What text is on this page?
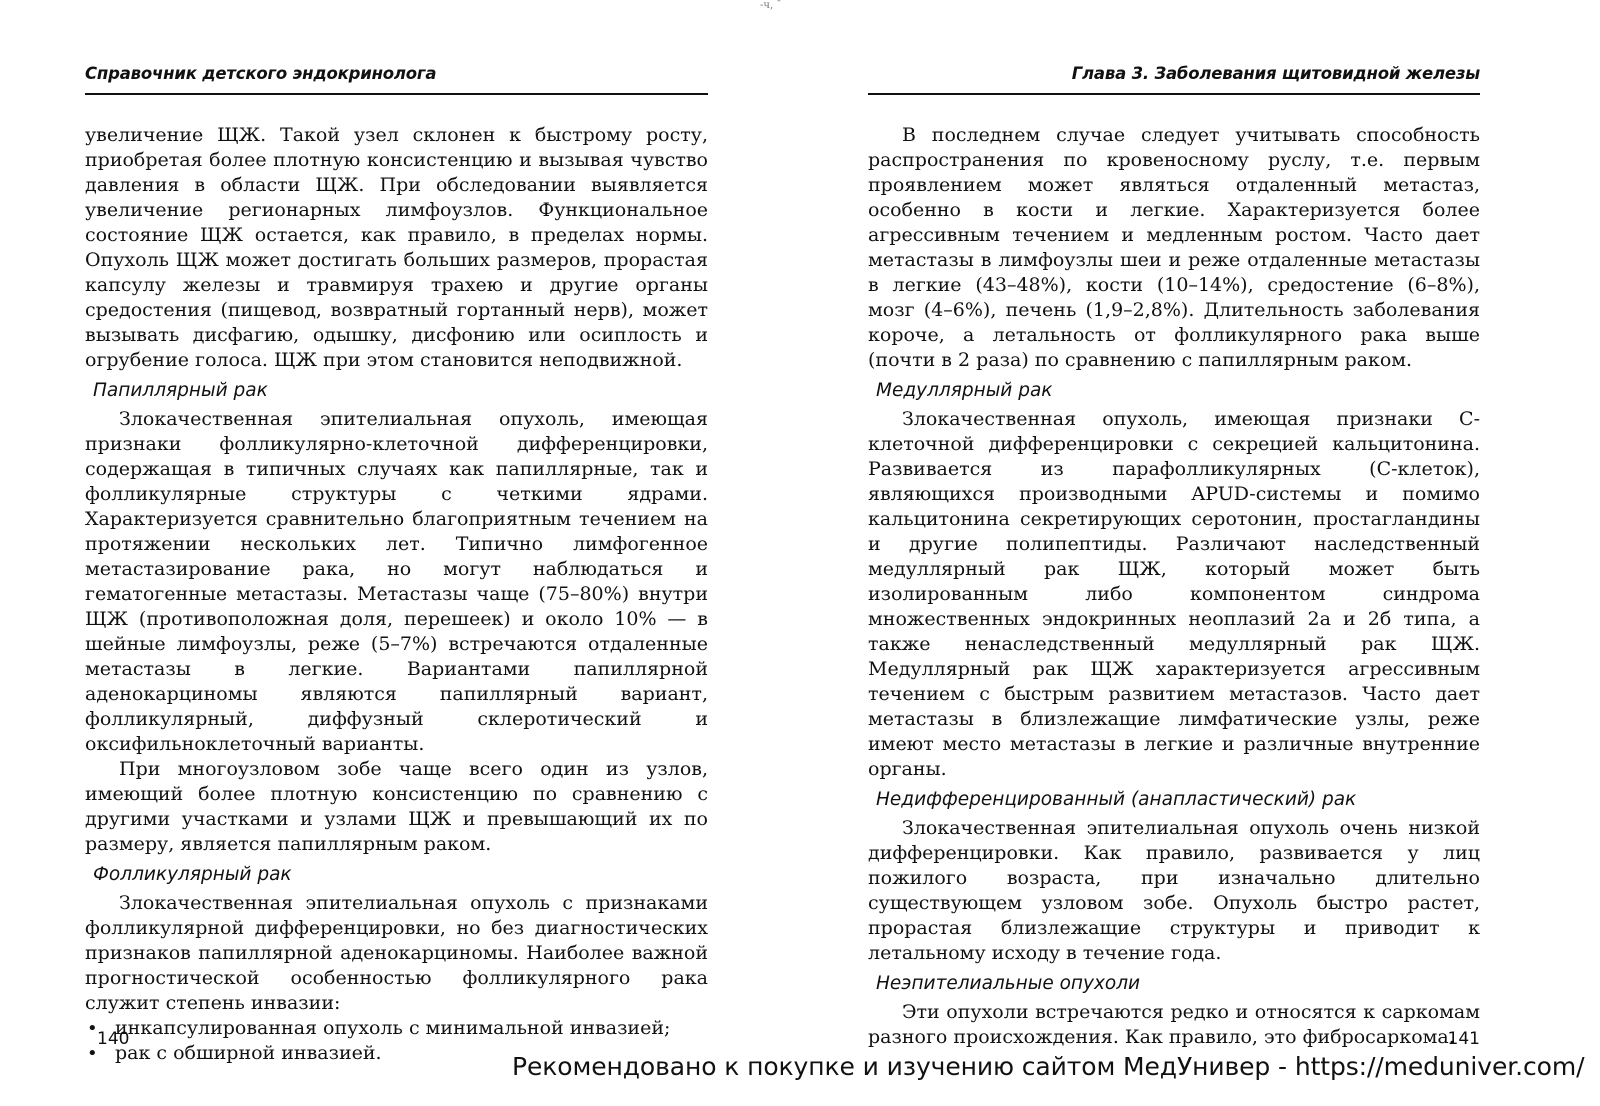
-ч, ¯
Справочник детского эндокринолога

увеличение ЩЖ. Такой узел склонен к быстрому росту, приобретая более плотную консистенцию и вызывая чувство давления в области ЩЖ. При обследовании выявляется увеличение регионарных лимфоузлов. Функциональное состояние ЩЖ остается, как правило, в пределах нормы. Опухоль ЩЖ может достигать больших размеров, прорастая капсулу железы и травмируя трахею и другие органы средостения (пищевод, возвратный гортанный нерв), может вызывать дисфагию, одышку, дисфонию или осиплость и огрубение голоса. ЩЖ при этом становится неподвижной.

Папиллярный рак

Злокачественная эпителиальная опухоль, имеющая признаки фолликулярно-клеточной дифференцировки, содержащая в типичных случаях как папиллярные, так и фолликулярные структуры с четкими ядрами. Характеризуется сравнительно благоприятным течением на протяжении нескольких лет. Типично лимфогенное метастазирование рака, но могут наблюдаться и гематогенные метастазы. Метастазы чаще (75–80%) внутри ЩЖ (противоположная доля, перешеек) и около 10% — в шейные лимфоузлы, реже (5–7%) встречаются отдаленные метастазы в легкие. Вариантами папиллярной аденокарциномы являются папиллярный вариант, фолликулярный, диффузный склеротический и оксифильноклеточный варианты.

При многоузловом зобе чаще всего один из узлов, имеющий более плотную консистенцию по сравнению с другими участками и узлами ЩЖ и превышающий их по размеру, является папиллярным раком.

Фолликулярный рак

Злокачественная эпителиальная опухоль с признаками фолликулярной дифференцировки, но без диагностических признаков папиллярной аденокарциномы. Наиболее важной прогностической особенностью фолликулярного рака служит степень инвазии:

• инкапсулированная опухоль с минимальной инвазией;
• рак с обширной инвазией.
140
Глава 3. Заболевания щитовидной железы

В последнем случае следует учитывать способность распространения по кровеносному руслу, т.е. первым проявлением может являться отдаленный метастаз, особенно в кости и легкие. Характеризуется более агрессивным течением и медленным ростом. Часто дает метастазы в лимфоузлы шеи и реже отдаленные метастазы в легкие (43–48%), кости (10–14%), средостение (6–8%), мозг (4–6%), печень (1,9–2,8%). Длительность заболевания короче, а летальность от фолликулярного рака выше (почти в 2 раза) по сравнению с папиллярным раком.

Медуллярный рак

Злокачественная опухоль, имеющая признаки С-клеточной дифференцировки с секрецией кальцитонина. Развивается из парафолликулярных (С-клеток), являющихся производными APUD-системы и помимо кальцитонина секретирующих серотонин, простагландины и другие полипептиды. Различают наследственный медуллярный рак ЩЖ, который может быть изолированным либо компонентом синдрома множественных эндокринных неоплазий 2а и 2б типа, а также ненаследственный медуллярный рак ЩЖ. Медуллярный рак ЩЖ характеризуется агрессивным течением с быстрым развитием метастазов. Часто дает метастазы в близлежащие лимфатические узлы, реже имеют место метастазы в легкие и различные внутренние органы.

Недифференцированный (анапластический) рак

Злокачественная эпителиальная опухоль очень низкой дифференцировки. Как правило, развивается у лиц пожилого возраста, при изначально длительно существующем узловом зобе. Опухоль быстро растет, прорастая близлежащие структуры и приводит к летальному исходу в течение года.

Неэпителиальные опухоли

Эти опухоли встречаются редко и относятся к саркомам разного происхождения. Как правило, это фибросаркома.

141
Рекомендовано к покупке и изучению сайтом МедУнивер - https://meduniver.com/
